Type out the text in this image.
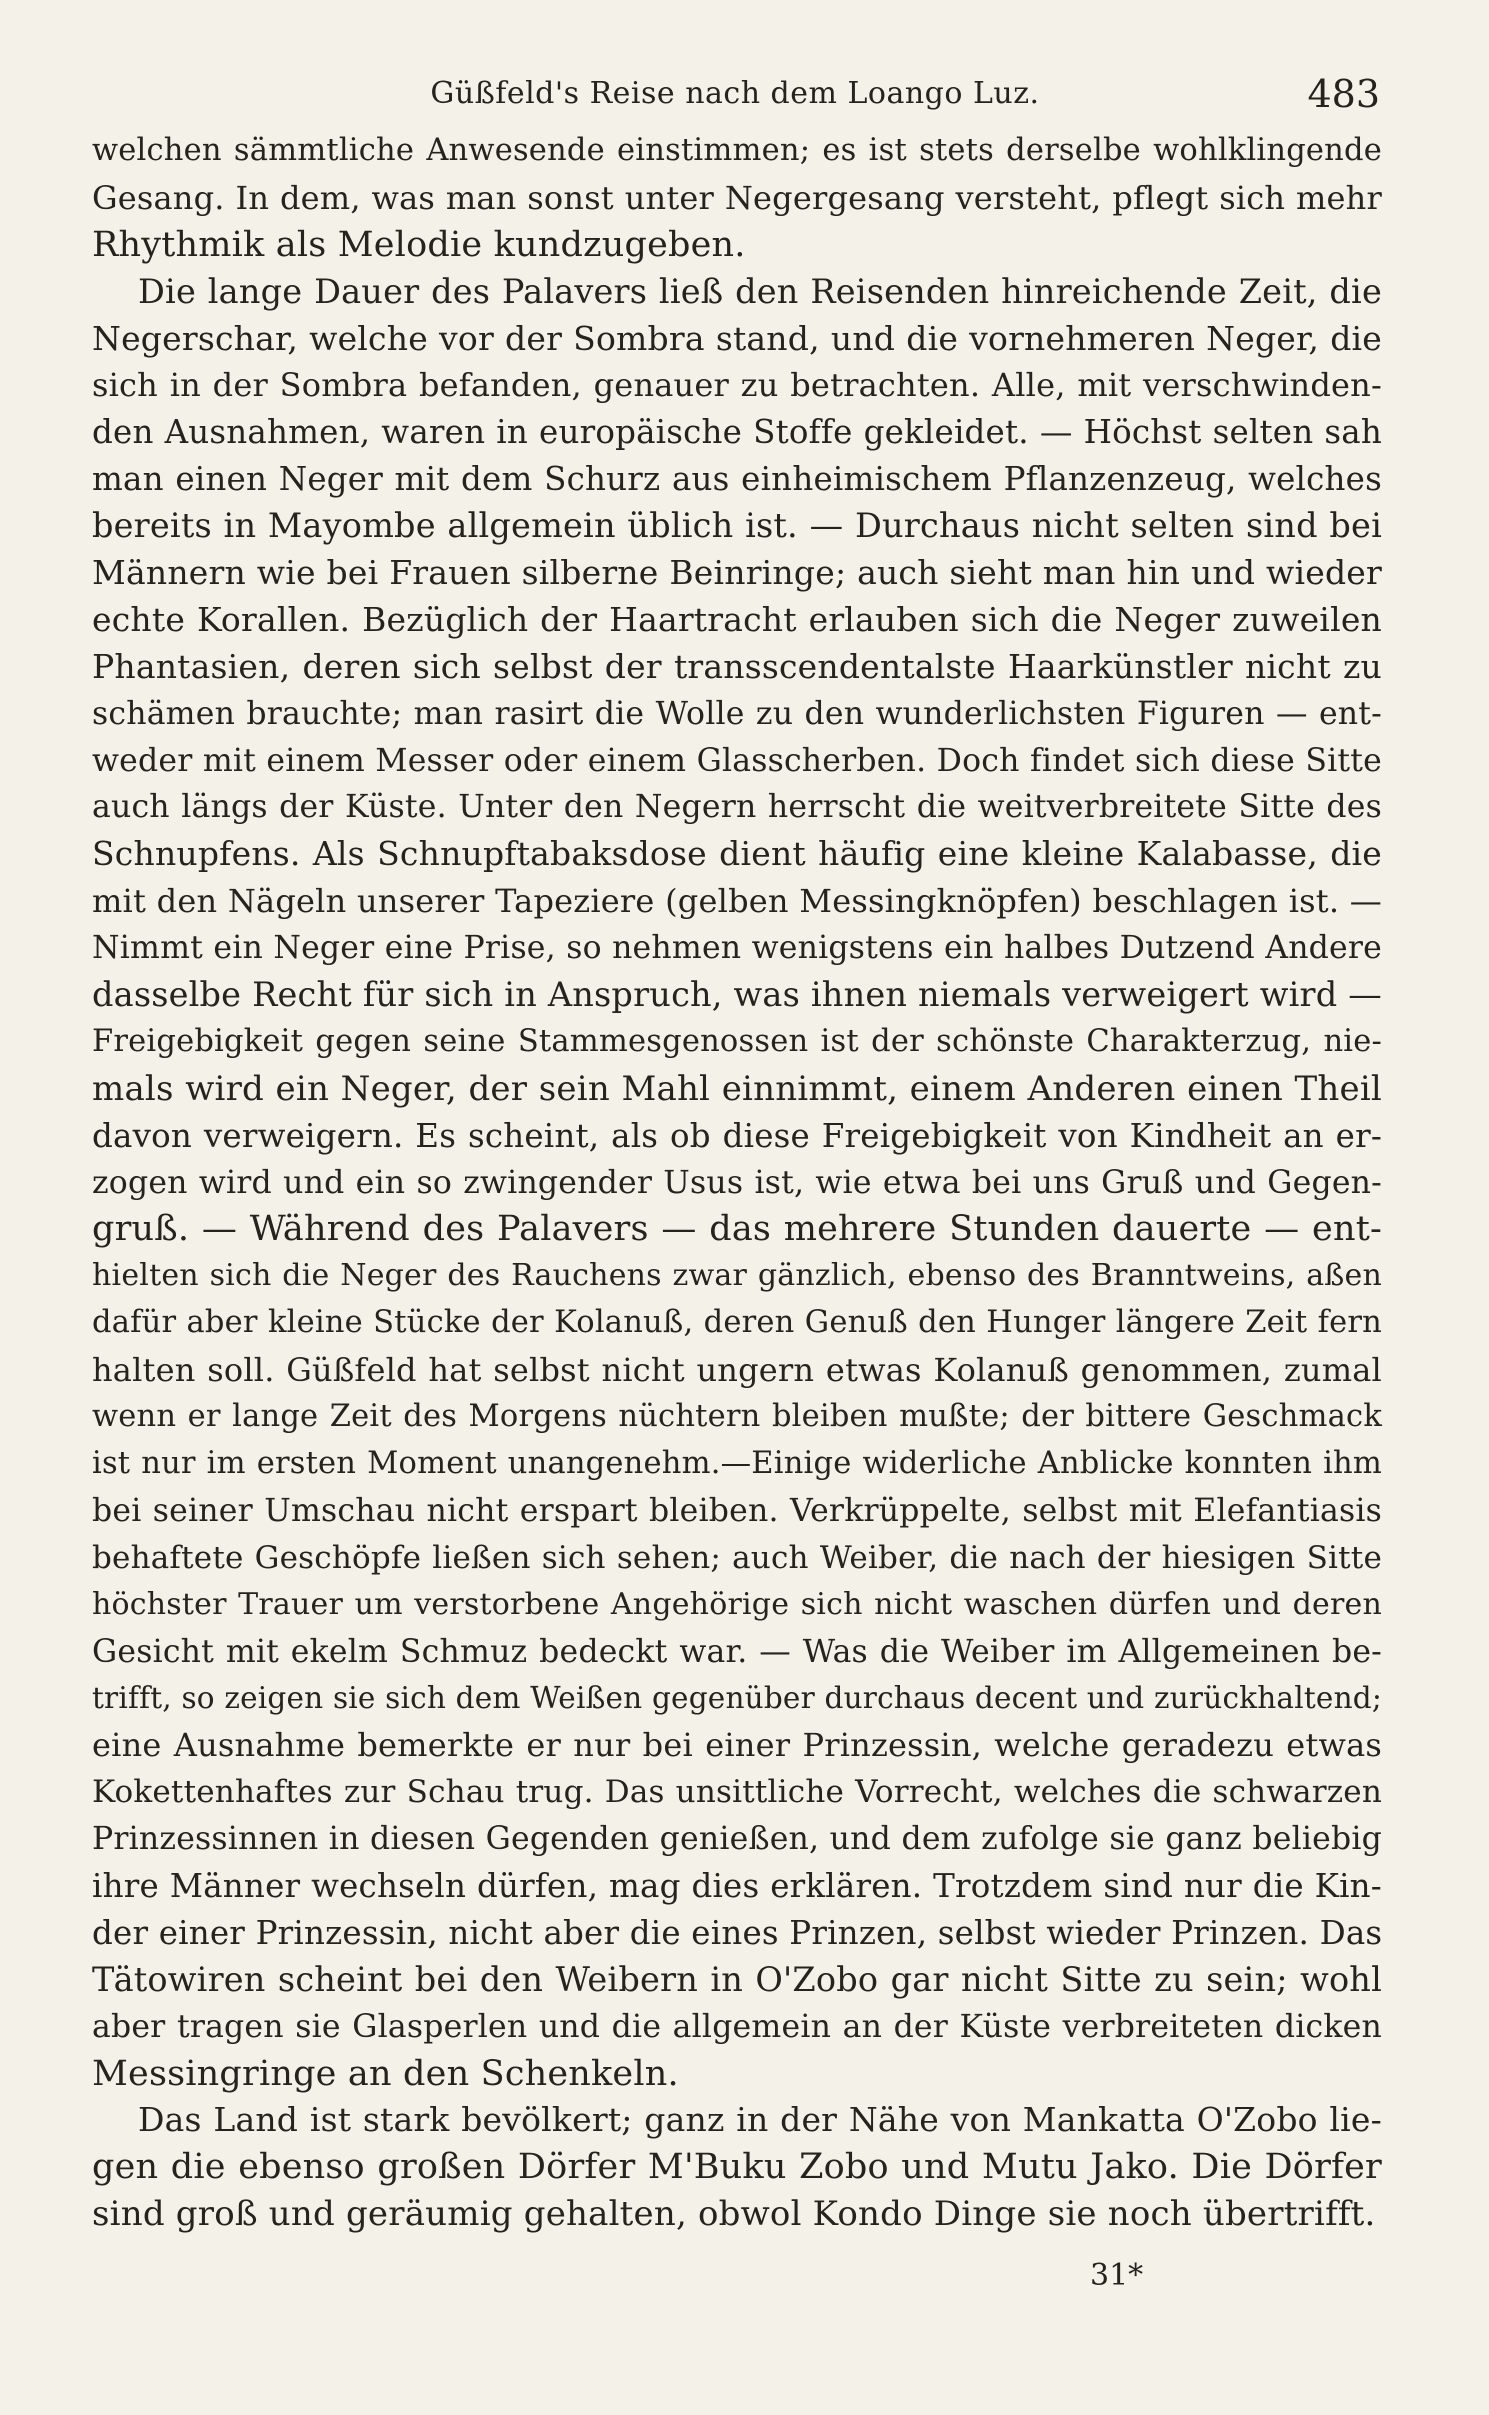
Güßfeld's Reise nach dem Loango Luz.	483
welchen sämmtliche Anwesende einstimmen; es ist stets derselbe wohlklingende
Gesang. In dem, was man sonst unter Negergesang versteht, pflegt sich mehr
Rhythmik als Melodie kundzugeben.
Die lange Dauer des Palavers ließ den Reisenden hinreichende Zeit, die
Negerschar, welche vor der Sombra stand, und die vornehmeren Neger, die
sich in der Sombra befanden, genauer zu betrachten. Alle, mit verschwinden-
den Ausnahmen, waren in europäische Stoffe gekleidet. — Höchst selten sah
man einen Neger mit dem Schurz aus einheimischem Pflanzenzeug, welches
bereits in Mayombe allgemein üblich ist. — Durchaus nicht selten sind bei
Männern wie bei Frauen silberne Beinringe; auch sieht man hin und wieder
echte Korallen. Bezüglich der Haartracht erlauben sich die Neger zuweilen
Phantasien, deren sich selbst der transscendentalste Haarkünstler nicht zu
schämen brauchte; man rasirt die Wolle zu den wunderlichsten Figuren — ent-
weder mit einem Messer oder einem Glasscherben. Doch findet sich diese Sitte
auch längs der Küste. Unter den Negern herrscht die weitverbreitete Sitte des
Schnupfens. Als Schnupftabaksdose dient häufig eine kleine Kalabasse, die
mit den Nägeln unserer Tapeziere (gelben Messingknöpfen) beschlagen ist. —
Nimmt ein Neger eine Prise, so nehmen wenigstens ein halbes Dutzend Andere
dasselbe Recht für sich in Anspruch, was ihnen niemals verweigert wird —
Freigebigkeit gegen seine Stammesgenossen ist der schönste Charakterzug, nie-
mals wird ein Neger, der sein Mahl einnimmt, einem Anderen einen Theil
davon verweigern. Es scheint, als ob diese Freigebigkeit von Kindheit an er-
zogen wird und ein so zwingender Usus ist, wie etwa bei uns Gruß und Gegen-
gruß. — Während des Palavers — das mehrere Stunden dauerte — ent-
hielten sich die Neger des Rauchens zwar gänzlich, ebenso des Branntweins, aßen
dafür aber kleine Stücke der Kolanuß, deren Genuß den Hunger längere Zeit fern
halten soll. Güßfeld hat selbst nicht ungern etwas Kolanuß genommen, zumal
wenn er lange Zeit des Morgens nüchtern bleiben mußte; der bittere Geschmack
ist nur im ersten Moment unangenehm.—Einige widerliche Anblicke konnten ihm
bei seiner Umschau nicht erspart bleiben. Verkrüppelte, selbst mit Elefantiasis
behaftete Geschöpfe ließen sich sehen; auch Weiber, die nach der hiesigen Sitte
höchster Trauer um verstorbene Angehörige sich nicht waschen dürfen und deren
Gesicht mit ekelm Schmuz bedeckt war. — Was die Weiber im Allgemeinen be-
trifft, so zeigen sie sich dem Weißen gegenüber durchaus decent und zurückhaltend;
eine Ausnahme bemerkte er nur bei einer Prinzessin, welche geradezu etwas
Kokettenhaftes zur Schau trug. Das unsittliche Vorrecht, welches die schwarzen
Prinzessinnen in diesen Gegenden genießen, und dem zufolge sie ganz beliebig
ihre Männer wechseln dürfen, mag dies erklären. Trotzdem sind nur die Kin-
der einer Prinzessin, nicht aber die eines Prinzen, selbst wieder Prinzen. Das
Tätowiren scheint bei den Weibern in O'Zobo gar nicht Sitte zu sein; wohl
aber tragen sie Glasperlen und die allgemein an der Küste verbreiteten dicken
Messingringe an den Schenkeln.
Das Land ist stark bevölkert; ganz in der Nähe von Mankatta O'Zobo lie-
gen die ebenso großen Dörfer M'Buku Zobo und Mutu Jako. Die Dörfer
sind groß und geräumig gehalten, obwol Kondo Dinge sie noch übertrifft.
31*
